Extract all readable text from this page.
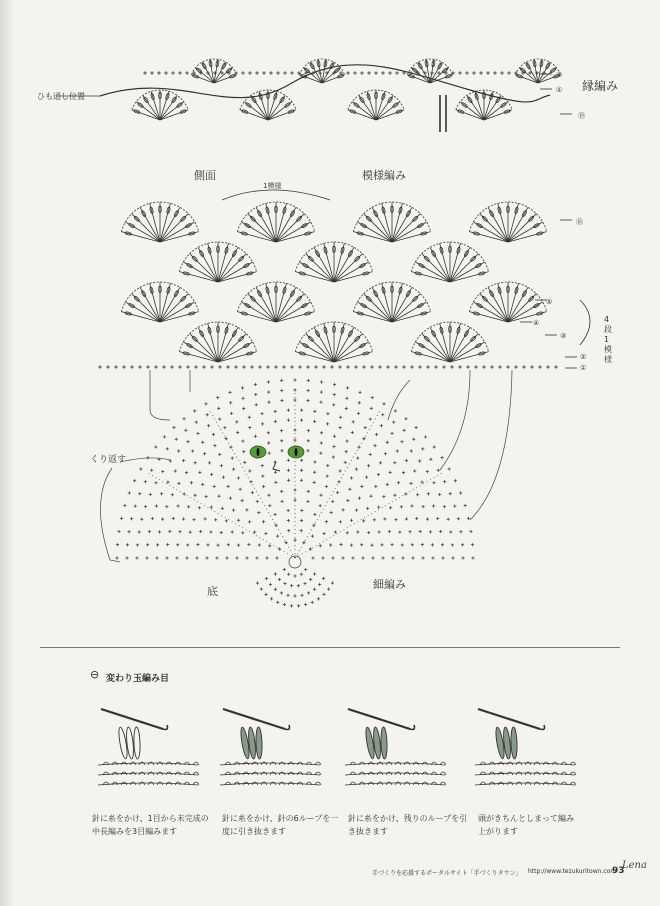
縁編み
ひも通し位置
②
①
⑲
側面	模様編み
1模様
4段1模様
⑱
⑤
④
③
②
①
くり返す
底
細編み
⊖ 変わり玉編み目
針に糸をかけ、1目から未完成の中長編みを3目編みます
針に糸をかけ、針の6ループを一度に引き抜きます
針に糸をかけ、残りのループを引き抜きます
頭がきちんとしまって編み上がります
手づくりを応援するポータルサイト「手づくりタウン」 http://www.tezukuritown.com
93
Lena
